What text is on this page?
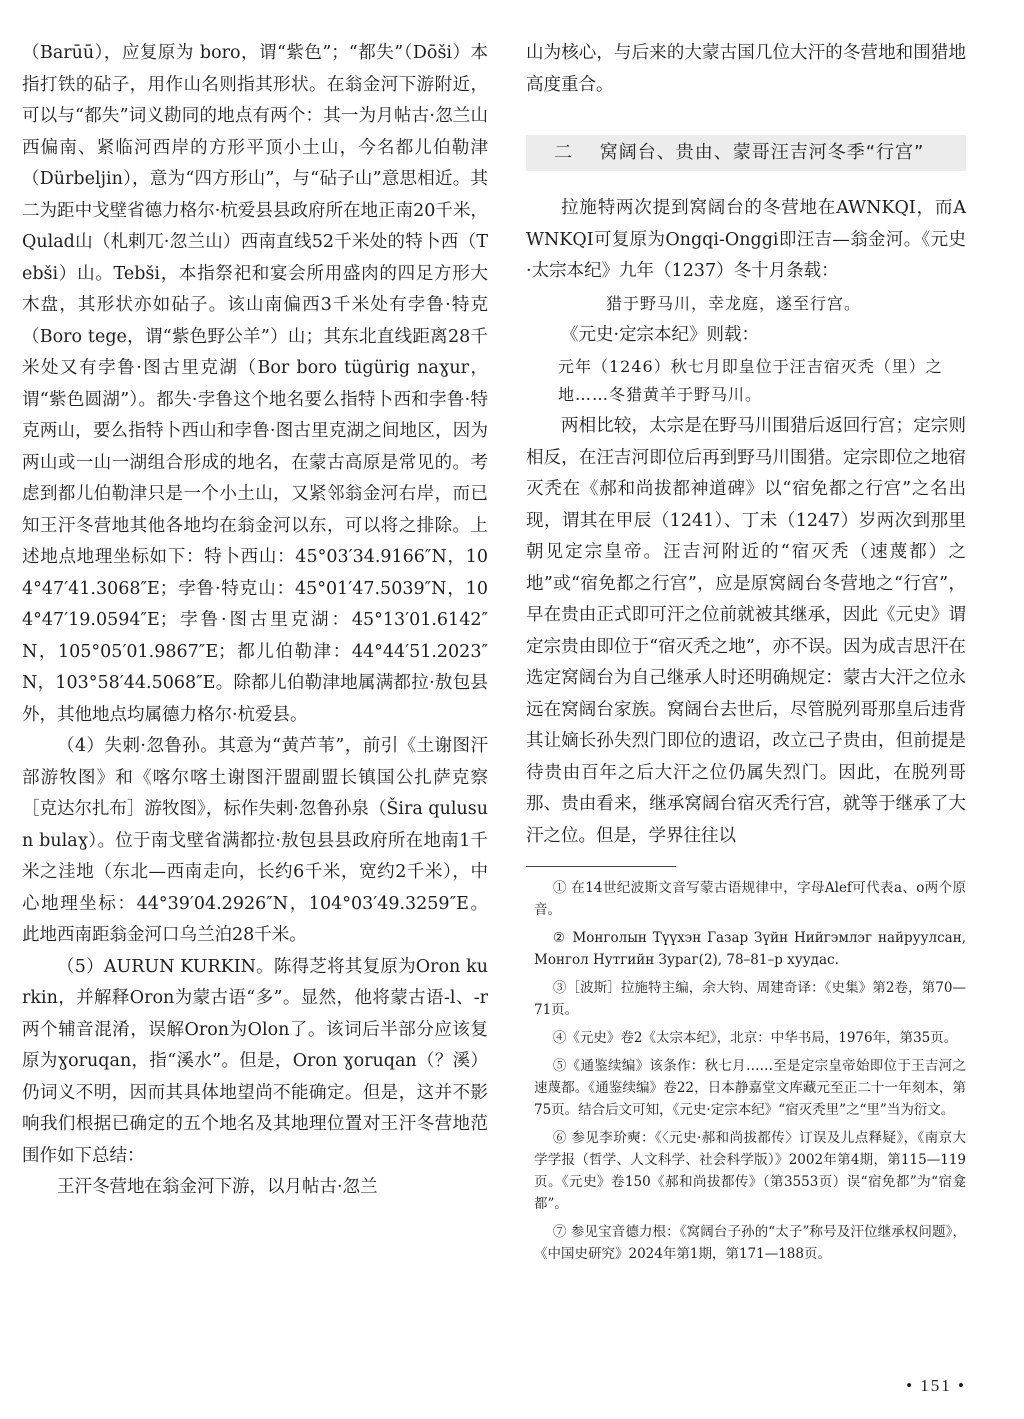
（Barūū），应复原为 boro，谓“紫色”；“都失”（Dōši）本指打铁的砧子，用作山名则指其形状。在翁金河下游附近，可以与“都失”词义勘同的地点有两个：其一为月帖古·忽兰山西偏南、紧临河西岸的方形平顶小土山，今名都儿伯勒津（Dürbeljin），意为“四方形山”，与“砧子山”意思相近。其二为距中戈壁省德力格尔·杭爱县县政府所在地正南20千米，Qulad山（札剌兀·忽兰山）西南直线52千米处的特卜西（Tebši）山。Tebši，本指祭祀和宴会所用盛肉的四足方形大木盘，其形状亦如砧子。该山南偏西3千米处有孛鲁·特克（Boro tege，谓“紫色野公羊”）山；其东北直线距离28千米处又有孛鲁·图古里克湖（Bor boro tügürig naɣur，谓“紫色圆湖”）。都失·孛鲁这个地名要么指特卜西和孛鲁·特克两山，要么指特卜西山和孛鲁·图古里克湖之间地区，因为两山或一山一湖组合形成的地名，在蒙古高原是常见的。考虑到都儿伯勒津只是一个小土山，又紧邻翁金河右岸，而已知王汗冬营地其他各地均在翁金河以东，可以将之排除。上述地点地理坐标如下：特卜西山：45°03′34.9166″N，104°47′41.3068″E；孛鲁·特克山：45°01′47.5039″N，104°47′19.0594″E；孛鲁·图古里克湖：45°13′01.6142″N，105°05′01.9867″E；都儿伯勒津：44°44′51.2023″N，103°58′44.5068″E。除都儿伯勒津地属满都拉·敖包县外，其他地点均属德力格尔·杭爱县。

（4）失刺·忽鲁孙。其意为“黄芦苇”，前引《土谢图汗部游牧图》和《喀尔喀土谢图汗盟副盟长镇国公扎萨克察［克达尔扎布］游牧图》，标作失剌·忽鲁孙泉（Šira qulusun bulaɣ）。位于南戈壁省满都拉·敖包县县政府所在地南1千米之洼地（东北—西南走向，长约6千米，宽约2千米），中心地理坐标：44°39′04.2926″N，104°03′49.3259″E。此地西南距翁金河口乌兰泊28千米。

（5）AURUN KURKIN。陈得芝将其复原为Oron kurkin，并解释Oron为蒙古语“多”。显然，他将蒙古语-l、-r两个辅音混淆，误解Oron为Olon了。该词后半部分应该复原为ɣoruqan，指“溪水”。但是，Oron ɣoruqan（？溪）仍词义不明，因而其具体地望尚不能确定。但是，这并不影响我们根据已确定的五个地名及其地理位置对王汗冬营地范围作如下总结：

王汗冬营地在翁金河下游，以月帖古·忽兰

山为核心，与后来的大蒙古国几位大汗的冬营地和围猎地高度重合。

二 窝阔台、贵由、蒙哥汪吉河冬季“行宫”

拉施特两次提到窝阔台的冬营地在AWNKQI，而AWNKQI可复原为Ongqi-Onggi即汪吉—翁金河。《元史·太宗本纪》九年（1237）冬十月条载：

猎于野马川，幸龙庭，遂至行宫。

《元史·定宗本纪》则载：

元年（1246）秋七月即皇位于汪吉宿灭秃（里）之地……冬猎黄羊于野马川。

两相比较，太宗是在野马川围猎后返回行宫；定宗则相反，在汪吉河即位后再到野马川围猎。定宗即位之地宿灭秃在《郝和尚拔都神道碑》以“宿免都之行宫”之名出现，谓其在甲辰（1241）、丁未（1247）岁两次到那里朝见定宗皇帝。汪吉河附近的“宿灭秃（速蔑都）之地”或“宿免都之行宫”，应是原窝阔台冬营地之“行宫”，早在贵由正式即可汗之位前就被其继承，因此《元史》谓定宗贵由即位于“宿灭秃之地”，亦不误。因为成吉思汗在选定窝阔台为自己继承人时还明确规定：蒙古大汗之位永远在窝阔台家族。窝阔台去世后，尽管脱列哥那皇后违背其让嫡长孙失烈门即位的遗诏，改立己子贵由，但前提是待贵由百年之后大汗之位仍属失烈门。因此，在脱列哥那、贵由看来，继承窝阔台宿灭秃行宫，就等于继承了大汗之位。但是，学界往往以

① 在14世纪波斯文音写蒙古语规律中，字母Alef可代表a、o两个原音。

② Монголын Түүхэн Газар Зүйн Нийгэмлэг найруулсан, Монгол Нутгийн Зураг(2), 78–81–р хуудас.

③［波斯］拉施特主编，余大钧、周建奇译：《史集》第2卷，第70—71页。

④《元史》卷2《太宗本纪》，北京：中华书局，1976年，第35页。

⑤《通鉴续编》该条作：秋七月……至是定宗皇帝始即位于王吉河之速蔑都。《通鉴续编》卷22，日本静嘉堂文库藏元至正二十一年刻本，第75页。结合后文可知，《元史·定宗本纪》“宿灭秃里”之“里”当为衍文。

⑥ 参见李玠奭：《〈元史·郝和尚拔都传〉订误及儿点释疑》，《南京大学学报（哲学、人文科学、社会科学版）》2002年第4期，第115—119页。《元史》卷150《郝和尚拔都传》（第3553页）误“宿免都”为“宿龛都”。

⑦ 参见宝音德力根：《窝阔台子孙的“太子”称号及汗位继承权问题》，《中国史研究》2024年第1期，第171—188页。

• 151 •
